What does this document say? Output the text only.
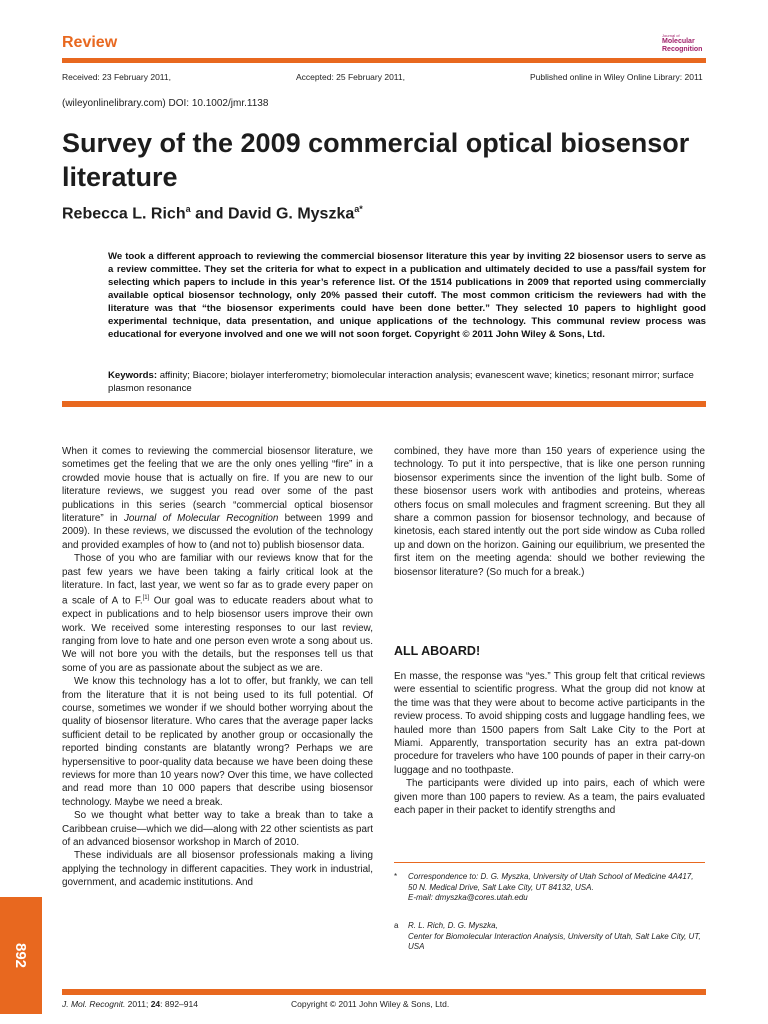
Review	Journal of
Molecular
Recognition
Received: 23 February 2011,	Accepted: 25 February 2011,	Published online in Wiley Online Library: 2011
(wileyonlinelibrary.com) DOI: 10.1002/jmr.1138
Survey of the 2009 commercial optical biosensor literature
Rebecca L. Rich$^a$ and David G. Myszka$^{a*}$
We took a different approach to reviewing the commercial biosensor literature this year by inviting 22 biosensor users to serve as a review committee. They set the criteria for what to expect in a publication and ultimately decided to use a pass/fail system for selecting which papers to include in this year’s reference list. Of the 1514 publications in 2009 that reported using commercially available optical biosensor technology, only 20% passed their cutoff. The most common criticism the reviewers had with the literature was that “the biosensor experiments could have been done better.” They selected 10 papers to highlight good experimental technique, data presentation, and unique applications of the technology. This communal review process was educational for everyone involved and one we will not soon forget. Copyright © 2011 John Wiley & Sons, Ltd.
Keywords: affinity; Biacore; biolayer interferometry; biomolecular interaction analysis; evanescent wave; kinetics; resonant mirror; surface plasmon resonance

When it comes to reviewing the commercial biosensor literature, we sometimes get the feeling that we are the only ones yelling “fire” in a crowded movie house that is actually on fire. If you are new to our literature reviews, we suggest you read over some of the past publications in this series (search “commercial optical biosensor literature” in Journal of Molecular Recognition between 1999 and 2009). In these reviews, we discussed the evolution of the technology and provided examples of how to (and not to) publish biosensor data.

Those of you who are familiar with our reviews know that for the past few years we have been taking a fairly critical look at the literature. In fact, last year, we went so far as to grade every paper on a scale of A to F.[1] Our goal was to educate readers about what to expect in publications and to help biosensor users improve their own work. We received some interesting responses to our last review, ranging from love to hate and one person even wrote a song about us. We will not bore you with the details, but the responses tell us that some of you are as passionate about the subject as we are.

We know this technology has a lot to offer, but frankly, we can tell from the literature that it is not being used to its full potential. Of course, sometimes we wonder if we should bother worrying about the quality of biosensor literature. Who cares that the average paper lacks sufficient detail to be replicated by another group or occasionally the reported binding constants are blatantly wrong? Perhaps we are hypersensitive to poor-quality data because we have been doing these reviews for more than 10 years now? Over this time, we have collected and read more than 10 000 papers that describe using biosensor technology. Maybe we need a break.

So we thought what better way to take a break than to take a Caribbean cruise—which we did—along with 22 other scientists as part of an advanced biosensor workshop in March of 2010.

These individuals are all biosensor professionals making a living applying the technology in different capacities. They work in industrial, government, and academic institutions. And

combined, they have more than 150 years of experience using the technology. To put it into perspective, that is like one person running biosensor experiments since the invention of the light bulb. Some of these biosensor users work with antibodies and proteins, whereas others focus on small molecules and fragment screening. But they all share a common passion for biosensor technology, and because of kinetosis, each stared intently out the port side window as Cuba rolled up and down on the horizon. Gaining our equilibrium, we presented the first item on the meeting agenda: should we bother reviewing the biosensor literature? (So much for a break.)

ALL ABOARD!

En masse, the response was “yes.” This group felt that critical reviews were essential to scientific progress. What the group did not know at the time was that they were about to become active participants in the review process. To avoid shipping costs and luggage handling fees, we hauled more than 1500 papers from Salt Lake City to the Port at Miami. Apparently, transportation security has an extra pat-down procedure for travelers who have 100 pounds of paper in their carry-on luggage and no toothpaste.

The participants were divided up into pairs, each of which were given more than 100 papers to review. As a team, the pairs evaluated each paper in their packet to identify strengths and

* Correspondence to: D. G. Myszka, University of Utah School of Medicine 4A417,
50 N. Medical Drive, Salt Lake City, UT 84132, USA.
E-mail: dmyszka@cores.utah.edu
a R. L. Rich, D. G. Myszka,
Center for Biomolecular Interaction Analysis, University of Utah, Salt Lake City, UT, USA
892
J. Mol. Recognit. 2011; 24: 892–914	Copyright © 2011 John Wiley & Sons, Ltd.
